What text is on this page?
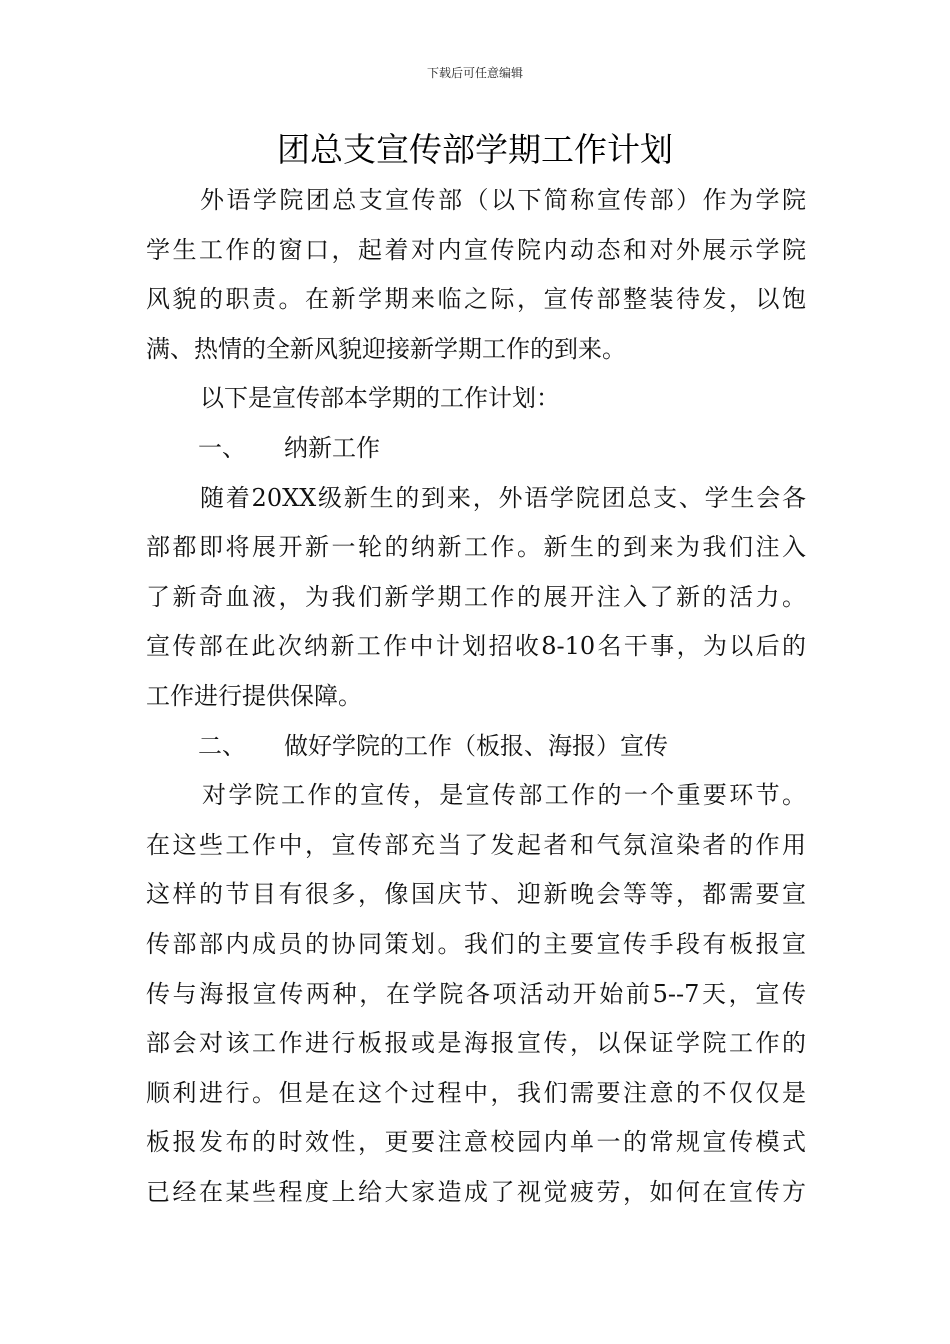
下载后可任意编辑
团总支宣传部学期工作计划
外语学院团总支宣传部（以下简称宣传部）作为学院
学生工作的窗口，起着对内宣传院内动态和对外展示学院
风貌的职责。在新学期来临之际，宣传部整装待发，以饱
满、热情的全新风貌迎接新学期工作的到来。
以下是宣传部本学期的工作计划：
一、 纳新工作
随着20XX级新生的到来，外语学院团总支、学生会各
部都即将展开新一轮的纳新工作。新生的到来为我们注入
了新奇血液，为我们新学期工作的展开注入了新的活力。
宣传部在此次纳新工作中计划招收8-10名干事，为以后的
工作进行提供保障。
二、 做好学院的工作（板报、海报）宣传
对学院工作的宣传，是宣传部工作的一个重要环节。
在这些工作中，宣传部充当了发起者和气氛渲染者的作用
这样的节目有很多，像国庆节、迎新晚会等等，都需要宣
传部部内成员的协同策划。我们的主要宣传手段有板报宣
传与海报宣传两种，在学院各项活动开始前5--7天，宣传
部会对该工作进行板报或是海报宣传，以保证学院工作的
顺利进行。但是在这个过程中，我们需要注意的不仅仅是
板报发布的时效性，更要注意校园内单一的常规宣传模式
已经在某些程度上给大家造成了视觉疲劳，如何在宣传方
